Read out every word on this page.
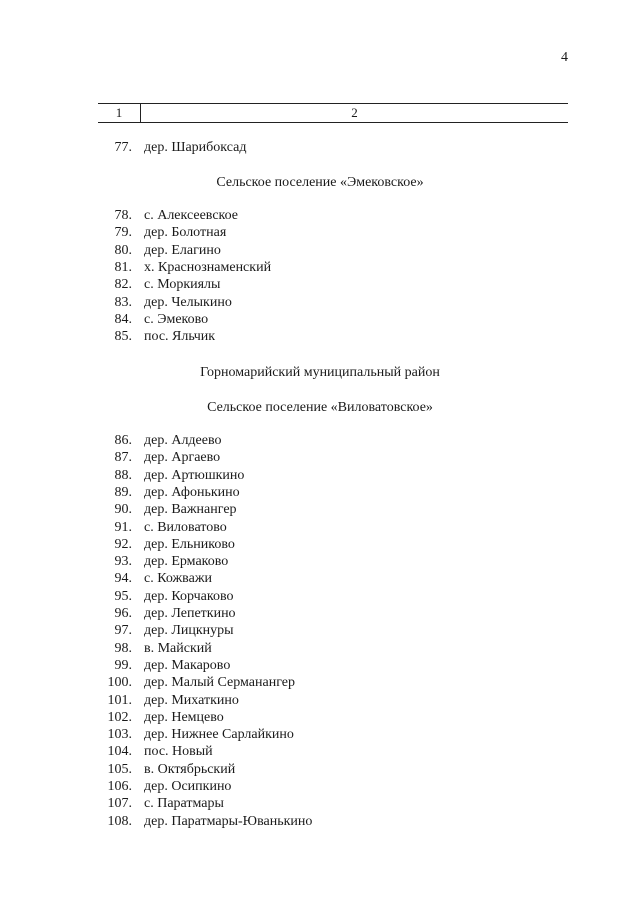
4
1	2
Сельское поселение «Эмековское»
Горномарийский муниципальный район
Сельское поселение «Виловатовское»
77. дер. Шарибоксад
78. с. Алексеевское
79. дер. Болотная
80. дер. Елагино
81. х. Краснознаменский
82. с. Моркиялы
83. дер. Челыкино
84. с. Эмеково
85. пос. Яльчик
86. дер. Алдеево
87. дер. Аргаево
88. дер. Артюшкино
89. дер. Афонькино
90. дер. Важнангер
91. с. Виловатово
92. дер. Ельниково
93. дер. Ермаково
94. с. Кожважи
95. дер. Корчаково
96. дер. Лепеткино
97. дер. Лицкнуры
98. в. Майский
99. дер. Макарово
100. дер. Малый Серманангер
101. дер. Михаткино
102. дер. Немцево
103. дер. Нижнее Сарлайкино
104. пос. Новый
105. в. Октябрьский
106. дер. Осипкино
107. с. Паратмары
108. дер. Паратмары-Юванькино
